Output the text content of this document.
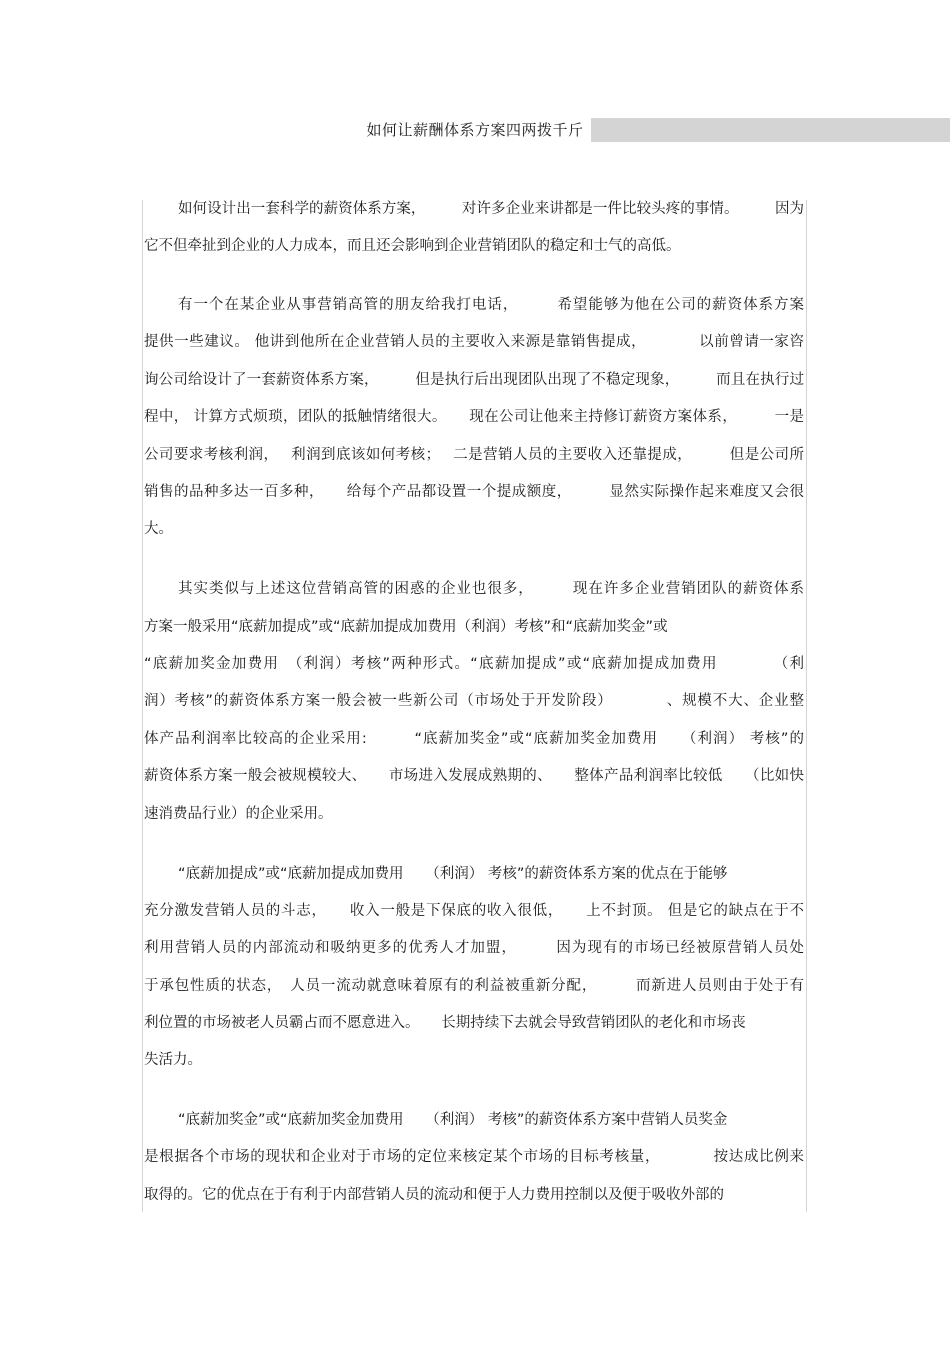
如何让薪酬体系方案四两拨千斤
如何设计出一套科学的薪资体系方案，　　　对许多企业来讲都是一件比较头疼的事情。　　　因为
它不但牵扯到企业的人力成本，而且还会影响到企业营销团队的稳定和士气的高低。
有一个在某企业从事营销高管的朋友给我打电话，　　　希望能够为他在公司的薪资体系方案
提供一些建议。 他讲到他所在企业营销人员的主要收入来源是靠销售提成，　　　　以前曾请一家咨
询公司给设计了一套薪资体系方案，　　　但是执行后出现团队出现了不稳定现象，　　　而且在执行过
程中， 计算方式烦琐，团队的抵触情绪很大。　　现在公司让他来主持修订薪资方案体系，　　　一是
公司要求考核利润，　 利润到底该如何考核；　 二是营销人员的主要收入还靠提成，　　　但是公司所
销售的品种多达一百多种，　　给每个产品都设置一个提成额度，　　　显然实际操作起来难度又会很
大。
其实类似与上述这位营销高管的困惑的企业也很多，　　　现在许多企业营销团队的薪资体系
方案一般采用“底薪加提成”或“底薪加提成加费用（利润）考核”和“底薪加奖金”或
“底薪加奖金加费用　（利润）考核”两种形式。“底薪加提成”或“底薪加提成加费用　　　　（利
润）考核”的薪资体系方案一般会被一些新公司（市场处于开发阶段）　　　　、规模不大、企业整
体产品利润率比较高的企业采用:　　　“底薪加奖金”或“底薪加奖金加费用　　（利润） 考核”的
薪资体系方案一般会被规模较大、　　市场进入发展成熟期的、　　整体产品利润率比较低　　（比如快
速消费品行业）的企业采用。
“底薪加提成”或“底薪加提成加费用　　（利润） 考核”的薪资体系方案的优点在于能够
充分激发营销人员的斗志，　　收入一般是下保底的收入很低，　　上不封顶。 但是它的缺点在于不
利用营销人员的内部流动和吸纳更多的优秀人才加盟，　　　因为现有的市场已经被原营销人员处
于承包性质的状态，　人员一流动就意味着原有的利益被重新分配，　　　而新进人员则由于处于有
利位置的市场被老人员霸占而不愿意进入。　　长期持续下去就会导致营销团队的老化和市场丧
失活力。
“底薪加奖金”或“底薪加奖金加费用　　（利润） 考核”的薪资体系方案中营销人员奖金
是根据各个市场的现状和企业对于市场的定位来核定某个市场的目标考核量，　　　　按达成比例来
取得的。它的优点在于有利于内部营销人员的流动和便于人力费用控制以及便于吸收外部的
